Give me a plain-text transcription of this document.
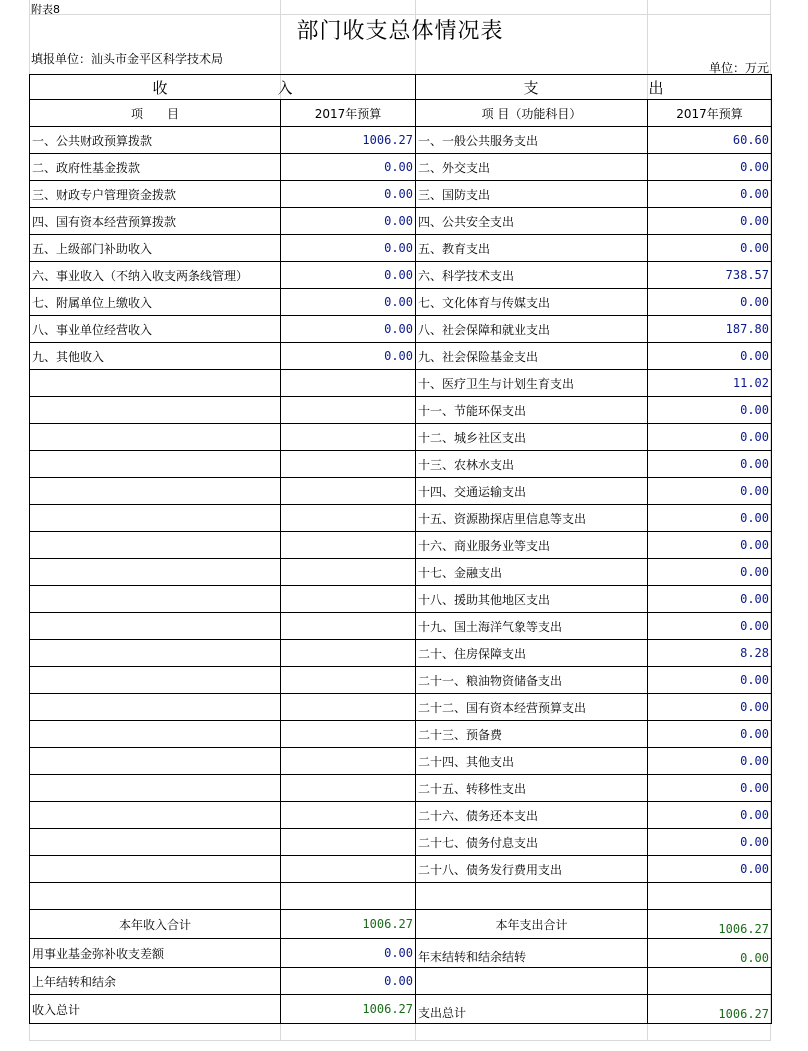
附表8
部门收支总体情况表
填报单位：汕头市金平区科学技术局
单位：万元
收 入		支 出	
项 目	2017年预算	项 目（功能科目）	2017年预算
一、公共财政预算拨款	1006.27	一、一般公共服务支出	60.60
二、政府性基金拨款	0.00	二、外交支出	0.00
三、财政专户管理资金拨款	0.00	三、国防支出	0.00
四、国有资本经营预算拨款	0.00	四、公共安全支出	0.00
五、上级部门补助收入	0.00	五、教育支出	0.00
六、事业收入（不纳入收支两条线管理）	0.00	六、科学技术支出	738.57
七、附属单位上缴收入	0.00	七、文化体育与传媒支出	0.00
八、事业单位经营收入	0.00	八、社会保障和就业支出	187.80
九、其他收入	0.00	九、社会保险基金支出	0.00
		十、医疗卫生与计划生育支出	11.02
		十一、节能环保支出	0.00
		十二、城乡社区支出	0.00
		十三、农林水支出	0.00
		十四、交通运输支出	0.00
		十五、资源勘探店里信息等支出	0.00
		十六、商业服务业等支出	0.00
		十七、金融支出	0.00
		十八、援助其他地区支出	0.00
		十九、国土海洋气象等支出	0.00
		二十、住房保障支出	8.28
		二十一、粮油物资储备支出	0.00
		二十二、国有资本经营预算支出	0.00
		二十三、预备费	0.00
		二十四、其他支出	0.00
		二十五、转移性支出	0.00
		二十六、债务还本支出	0.00
		二十七、债务付息支出	0.00
		二十八、债务发行费用支出	0.00

本年收入合计	1006.27	本年支出合计	1006.27
用事业基金弥补收支差额	0.00	年末结转和结余结转	0.00
上年结转和结余	0.00		
收入总计	1006.27	支出总计	1006.27
